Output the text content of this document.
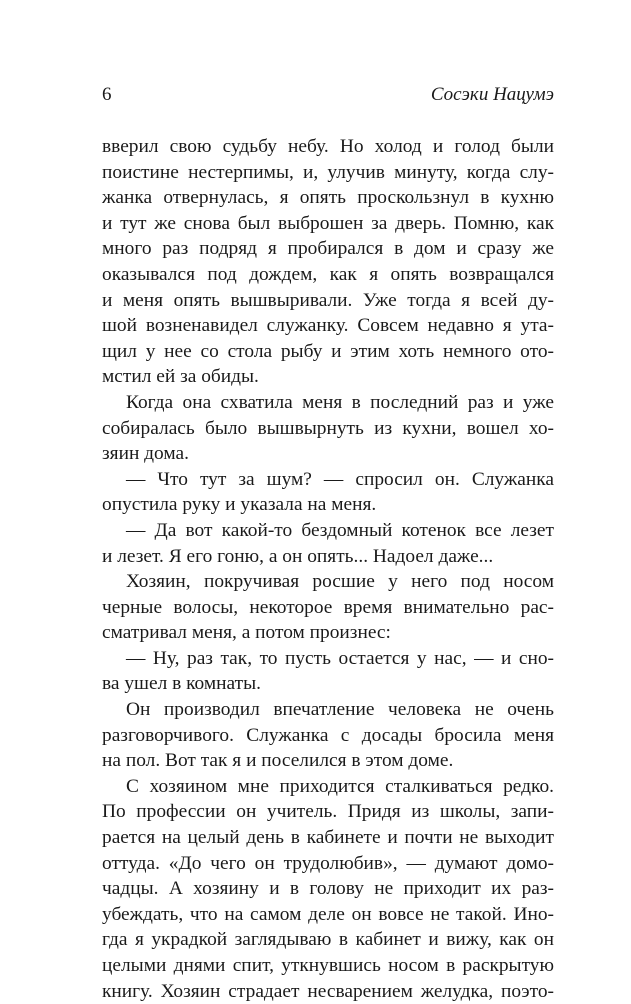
6	Сосэки Нацумэ
вверил свою судьбу небу. Но холод и голод были
поистине нестерпимы, и, улучив минуту, когда слу-
жанка отвернулась, я опять проскользнул в кухню
и тут же снова был выброшен за дверь. Помню, как
много раз подряд я пробирался в дом и сразу же
оказывался под дождем, как я опять возвращался
и меня опять вышвыривали. Уже тогда я всей ду-
шой возненавидел служанку. Совсем недавно я ута-
щил у нее со стола рыбу и этим хоть немного ото-
мстил ей за обиды.
Когда она схватила меня в последний раз и уже
собиралась было вышвырнуть из кухни, вошел хо-
зяин дома.
— Что тут за шум? — спросил он. Служанка
опустила руку и указала на меня.
— Да вот какой-то бездомный котенок все лезет
и лезет. Я его гоню, а он опять... Надоел даже...
Хозяин, покручивая росшие у него под носом
черные волосы, некоторое время внимательно рас-
сматривал меня, а потом произнес:
— Ну, раз так, то пусть остается у нас, — и сно-
ва ушел в комнаты.
Он производил впечатление человека не очень
разговорчивого. Служанка с досады бросила меня
на пол. Вот так я и поселился в этом доме.
С хозяином мне приходится сталкиваться редко.
По профессии он учитель. Придя из школы, запи-
рается на целый день в кабинете и почти не выходит
оттуда. «До чего он трудолюбив», — думают домо-
чадцы. А хозяину и в голову не приходит их раз-
убеждать, что на самом деле он вовсе не такой. Ино-
гда я украдкой заглядываю в кабинет и вижу, как он
целыми днями спит, уткнувшись носом в раскрытую
книгу. Хозяин страдает несварением желудка, поэто-
